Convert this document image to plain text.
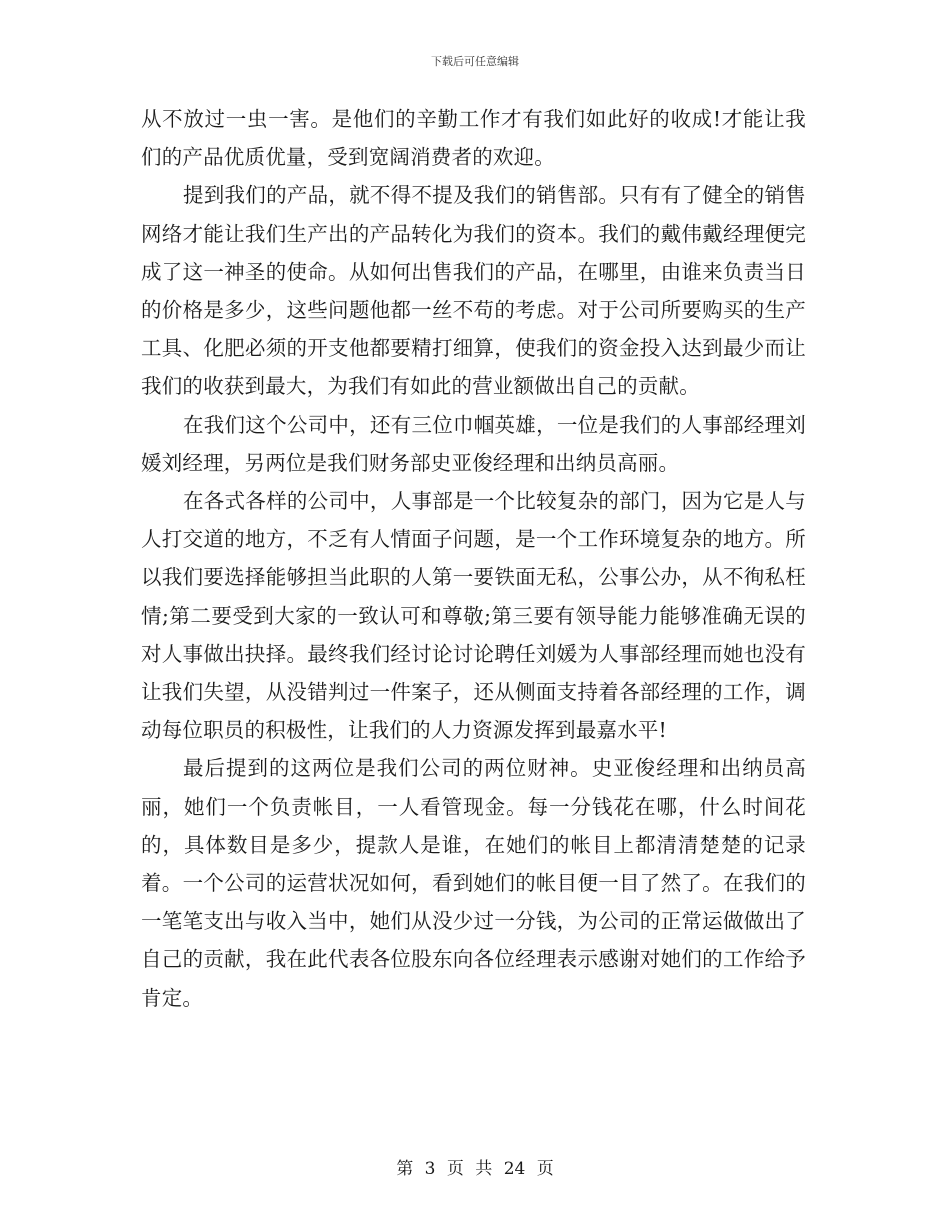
下载后可任意编辑

从不放过一虫一害。是他们的辛勤工作才有我们如此好的收成!才能让我们的产品优质优量，受到宽阔消费者的欢迎。

提到我们的产品，就不得不提及我们的销售部。只有有了健全的销售网络才能让我们生产出的产品转化为我们的资本。我们的戴伟戴经理便完成了这一神圣的使命。从如何出售我们的产品，在哪里，由谁来负责当日的价格是多少，这些问题他都一丝不苟的考虑。对于公司所要购买的生产工具、化肥必须的开支他都要精打细算，使我们的资金投入达到最少而让我们的收获到最大，为我们有如此的营业额做出自己的贡献。

在我们这个公司中，还有三位巾帼英雄，一位是我们的人事部经理刘媛刘经理，另两位是我们财务部史亚俊经理和出纳员高丽。

在各式各样的公司中，人事部是一个比较复杂的部门，因为它是人与人打交道的地方，不乏有人情面子问题，是一个工作环境复杂的地方。所以我们要选择能够担当此职的人第一要铁面无私，公事公办，从不徇私枉情;第二要受到大家的一致认可和尊敬;第三要有领导能力能够准确无误的对人事做出抉择。最终我们经讨论讨论聘任刘媛为人事部经理而她也没有让我们失望，从没错判过一件案子，还从侧面支持着各部经理的工作，调动每位职员的积极性，让我们的人力资源发挥到最嘉水平!

最后提到的这两位是我们公司的两位财神。史亚俊经理和出纳员高丽，她们一个负责帐目，一人看管现金。每一分钱花在哪，什么时间花的，具体数目是多少，提款人是谁，在她们的帐目上都清清楚楚的记录着。一个公司的运营状况如何，看到她们的帐目便一目了然了。在我们的一笔笔支出与收入当中，她们从没少过一分钱，为公司的正常运做做出了自己的贡献，我在此代表各位股东向各位经理表示感谢对她们的工作给予肯定。

第 3 页 共 24 页
